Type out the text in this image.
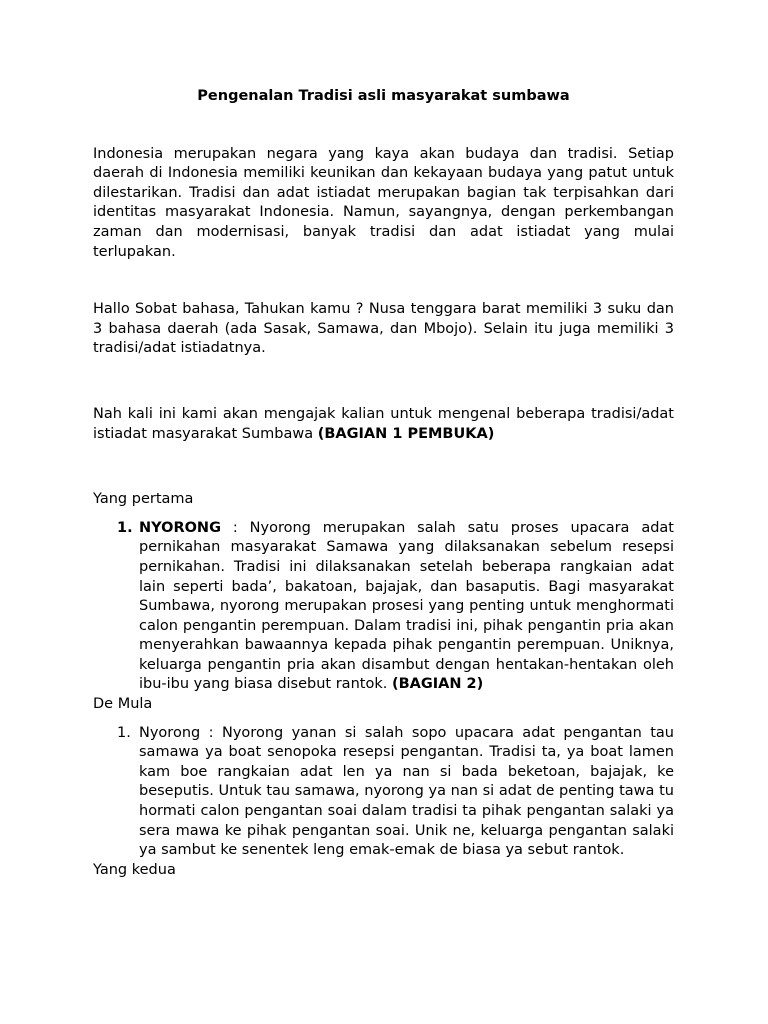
Pengenalan Tradisi asli masyarakat sumbawa

Indonesia merupakan negara yang kaya akan budaya dan tradisi. Setiap daerah di Indonesia memiliki keunikan dan kekayaan budaya yang patut untuk dilestarikan. Tradisi dan adat istiadat merupakan bagian tak terpisahkan dari identitas masyarakat Indonesia. Namun, sayangnya, dengan perkembangan zaman dan modernisasi, banyak tradisi dan adat istiadat yang mulai terlupakan.

Hallo Sobat bahasa, Tahukan kamu ? Nusa tenggara barat memiliki 3 suku dan 3 bahasa daerah (ada Sasak, Samawa, dan Mbojo). Selain itu juga memiliki 3 tradisi/adat istiadatnya.

Nah kali ini kami akan mengajak kalian untuk mengenal beberapa tradisi/adat istiadat masyarakat Sumbawa (BAGIAN 1 PEMBUKA)

Yang pertama

1. NYORONG : Nyorong merupakan salah satu proses upacara adat pernikahan masyarakat Samawa yang dilaksanakan sebelum resepsi pernikahan. Tradisi ini dilaksanakan setelah beberapa rangkaian adat lain seperti bada’, bakatoan, bajajak, dan basaputis. Bagi masyarakat Sumbawa, nyorong merupakan prosesi yang penting untuk menghormati calon pengantin perempuan. Dalam tradisi ini, pihak pengantin pria akan menyerahkan bawaannya kepada pihak pengantin perempuan. Uniknya, keluarga pengantin pria akan disambut dengan hentakan-hentakan oleh ibu-ibu yang biasa disebut rantok. (BAGIAN 2)

De Mula

1. Nyorong : Nyorong yanan si salah sopo upacara adat pengantan tau samawa ya boat senopoka resepsi pengantan. Tradisi ta, ya boat lamen kam boe rangkaian adat len ya nan si bada beketoan, bajajak, ke beseputis. Untuk tau samawa, nyorong ya nan si adat de penting tawa tu hormati calon pengantan soai dalam tradisi ta pihak pengantan salaki ya sera mawa ke pihak pengantan soai. Unik ne, keluarga pengantan salaki ya sambut ke senentek leng emak-emak de biasa ya sebut rantok.

Yang kedua
